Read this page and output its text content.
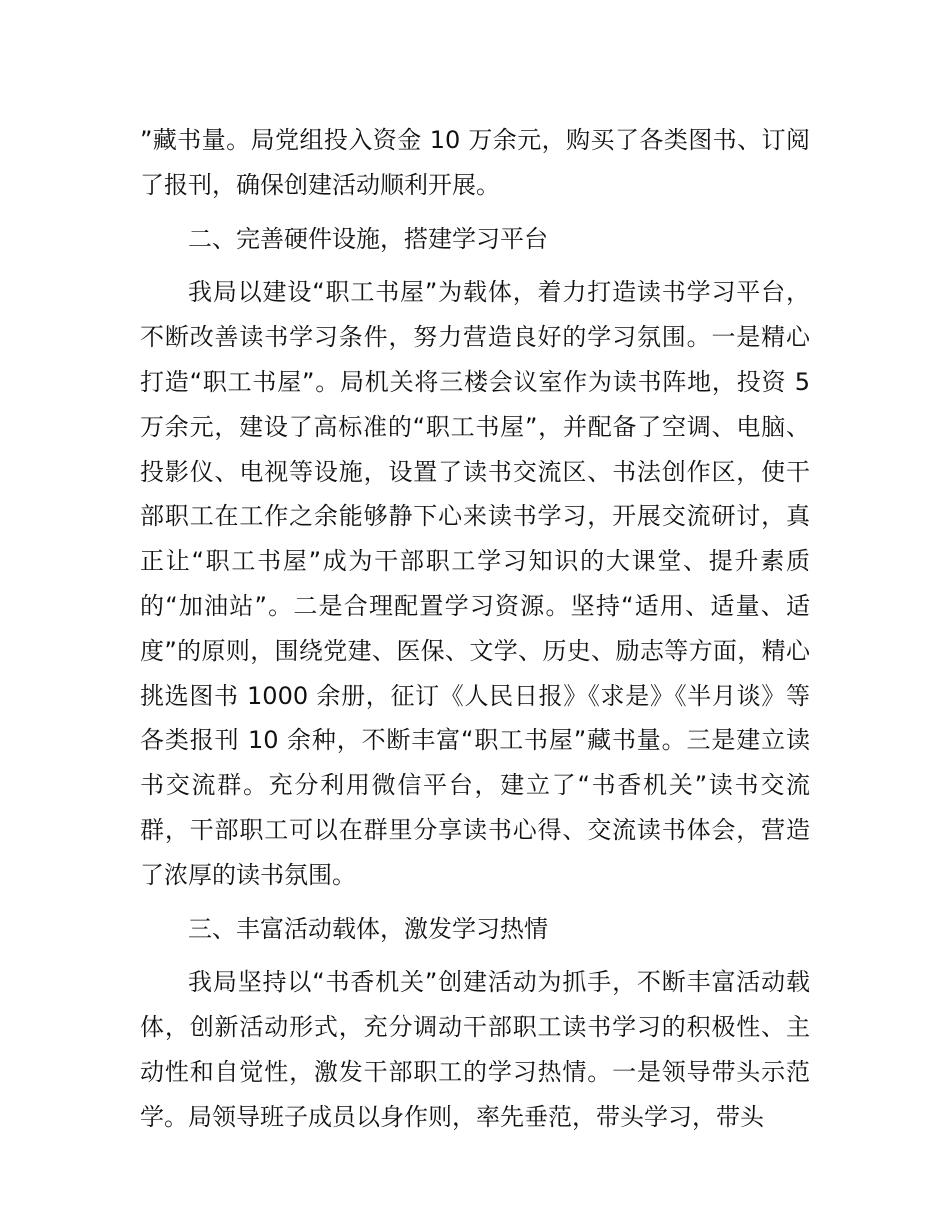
”藏书量。局党组投入资金 10 万余元，购买了各类图书、订阅了报刊，确保创建活动顺利开展。

二、完善硬件设施，搭建学习平台

我局以建设“职工书屋”为载体，着力打造读书学习平台，不断改善读书学习条件，努力营造良好的学习氛围。一是精心打造“职工书屋”。局机关将三楼会议室作为读书阵地，投资 5 万余元，建设了高标准的“职工书屋”，并配备了空调、电脑、投影仪、电视等设施，设置了读书交流区、书法创作区，使干部职工在工作之余能够静下心来读书学习，开展交流研讨，真正让“职工书屋”成为干部职工学习知识的大课堂、提升素质的“加油站”。二是合理配置学习资源。坚持“适用、适量、适度”的原则，围绕党建、医保、文学、历史、励志等方面，精心挑选图书 1000 余册，征订《人民日报》《求是》《半月谈》等各类报刊 10 余种，不断丰富“职工书屋”藏书量。三是建立读书交流群。充分利用微信平台，建立了“书香机关”读书交流群，干部职工可以在群里分享读书心得、交流读书体会，营造了浓厚的读书氛围。

三、丰富活动载体，激发学习热情

我局坚持以“书香机关”创建活动为抓手，不断丰富活动载体，创新活动形式，充分调动干部职工读书学习的积极性、主动性和自觉性，激发干部职工的学习热情。一是领导带头示范学。局领导班子成员以身作则，率先垂范，带头学习，带头
